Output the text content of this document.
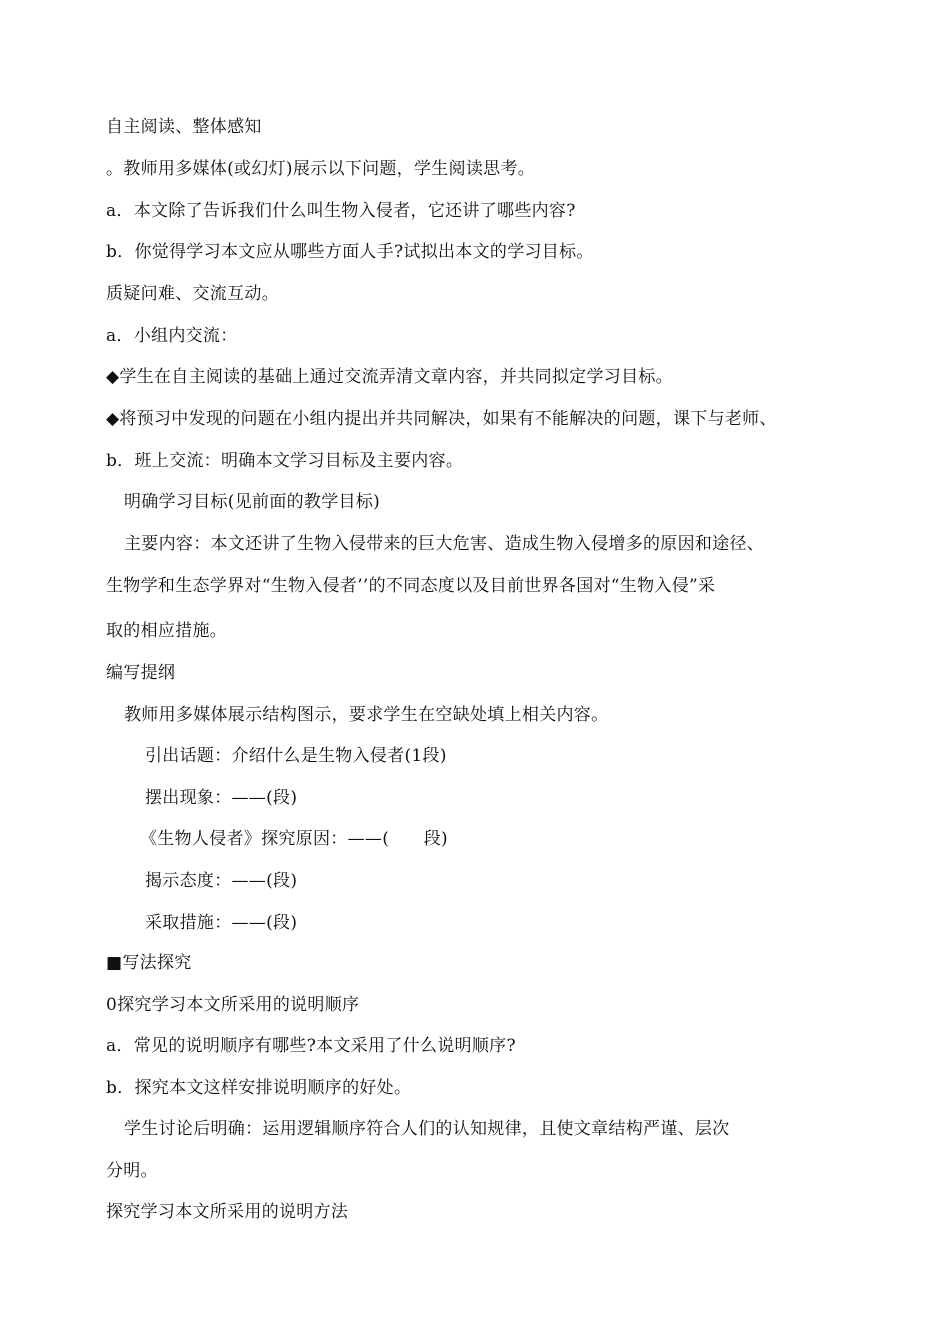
自主阅读、整体感知
。教师用多媒体(或幻灯)展示以下问题，学生阅读思考。
a．本文除了告诉我们什么叫生物入侵者，它还讲了哪些内容?
b．你觉得学习本文应从哪些方面人手?试拟出本文的学习目标。
质疑问难、交流互动。
a．小组内交流：
◆学生在自主阅读的基础上通过交流弄清文章内容，并共同拟定学习目标。
◆将预习中发现的问题在小组内提出并共同解决，如果有不能解决的问题，课下与老师、
b．班上交流：明确本文学习目标及主要内容。
明确学习目标(见前面的教学目标)
主要内容：本文还讲了生物入侵带来的巨大危害、造成生物入侵增多的原因和途径、
生物学和生态学界对“生物入侵者’’的不同态度以及目前世界各国对“生物入侵”采
取的相应措施。
编写提纲
教师用多媒体展示结构图示，要求学生在空缺处填上相关内容。
引出话题：介绍什么是生物入侵者(1段)
摆出现象：——(段)
《生物人侵者》探究原因：——(　　段)
揭示态度：——(段)
采取措施：——(段)
■写法探究
0探究学习本文所采用的说明顺序
a．常见的说明顺序有哪些?本文采用了什么说明顺序?
b．探究本文这样安排说明顺序的好处。
学生讨论后明确：运用逻辑顺序符合人们的认知规律，且使文章结构严谨、层次
分明。
探究学习本文所采用的说明方法
